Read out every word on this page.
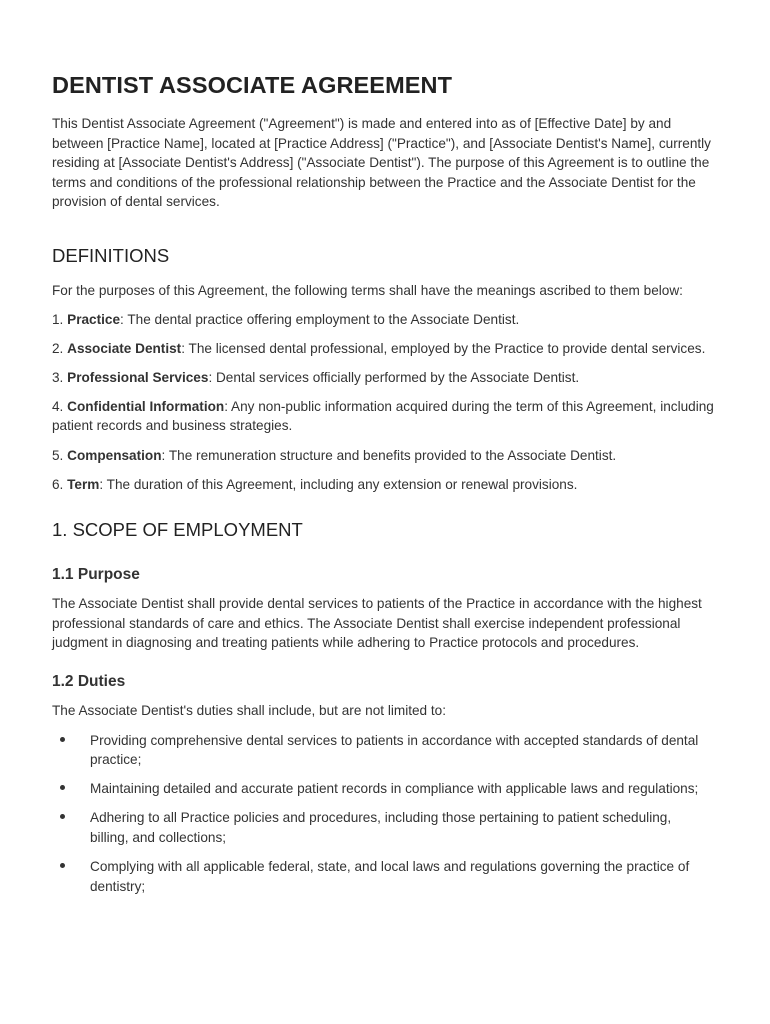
DENTIST ASSOCIATE AGREEMENT

This Dentist Associate Agreement ("Agreement") is made and entered into as of [Effective Date] by and between [Practice Name], located at [Practice Address] ("Practice"), and [Associate Dentist's Name], currently residing at [Associate Dentist's Address] ("Associate Dentist"). The purpose of this Agreement is to outline the terms and conditions of the professional relationship between the Practice and the Associate Dentist for the provision of dental services.

DEFINITIONS

For the purposes of this Agreement, the following terms shall have the meanings ascribed to them below:

1. Practice: The dental practice offering employment to the Associate Dentist.

2. Associate Dentist: The licensed dental professional, employed by the Practice to provide dental services.

3. Professional Services: Dental services officially performed by the Associate Dentist.

4. Confidential Information: Any non-public information acquired during the term of this Agreement, including patient records and business strategies.

5. Compensation: The remuneration structure and benefits provided to the Associate Dentist.

6. Term: The duration of this Agreement, including any extension or renewal provisions.

1. SCOPE OF EMPLOYMENT
1.1 Purpose

The Associate Dentist shall provide dental services to patients of the Practice in accordance with the highest professional standards of care and ethics. The Associate Dentist shall exercise independent professional judgment in diagnosing and treating patients while adhering to Practice protocols and procedures.

1.2 Duties

The Associate Dentist's duties shall include, but are not limited to:

Providing comprehensive dental services to patients in accordance with accepted standards of dental practice;
Maintaining detailed and accurate patient records in compliance with applicable laws and regulations;
Adhering to all Practice policies and procedures, including those pertaining to patient scheduling, billing, and collections;
Complying with all applicable federal, state, and local laws and regulations governing the practice of dentistry;
